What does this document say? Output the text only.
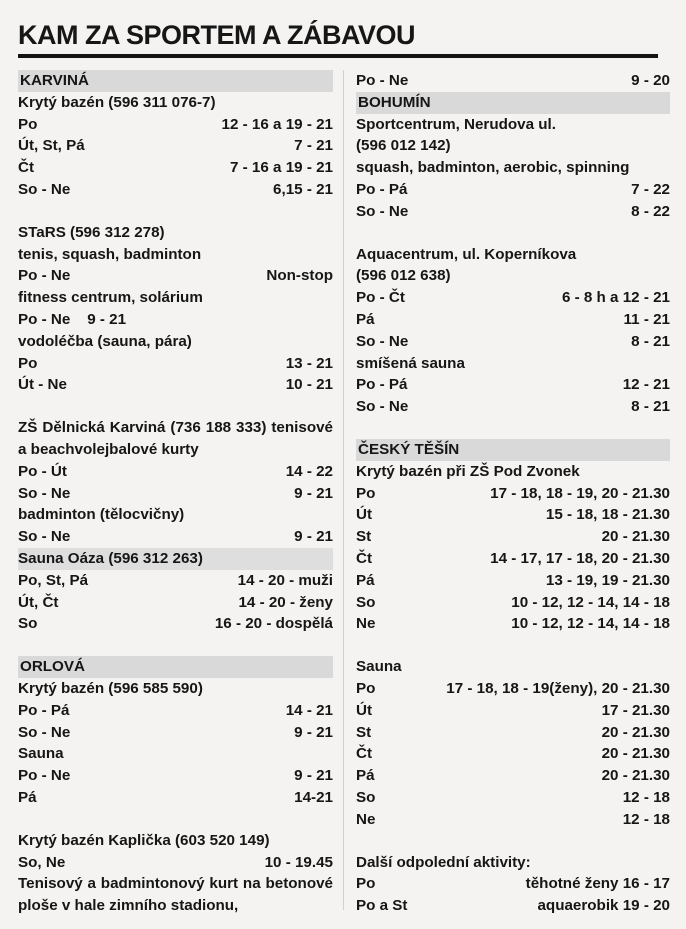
KAM ZA SPORTEM A ZÁBAVOU
KARVINÁ
Krytý bazén (596 311 076-7)
Po	12 - 16 a 19 - 21
Út, St, Pá	7 - 21
Čt	7 - 16 a 19 - 21
So - Ne	6,15 - 21
STaRS (596 312 278)
tenis, squash, badminton
Po - Ne	Non-stop
fitness centrum, solárium
Po - Ne    9 - 21
vodoléčba (sauna, pára)
Po	13 - 21
Út - Ne	10 - 21
ZŠ Dělnická Karviná (736 188 333) tenisové a beachvolejbalové kurty
Po - Út	14 - 22
So - Ne	9 - 21
badminton (tělocvičny)
So - Ne	9 - 21
Sauna Oáza (596 312 263)
Po, St, Pá	14 - 20 - muži
Út, Čt	14 - 20 - ženy
So	16 - 20 - dospělá
ORLOVÁ
Krytý bazén (596 585 590)
Po - Pá	14 - 21
So - Ne	9 - 21
Sauna
Po - Ne	9 - 21
Pá	14-21
Krytý bazén Kaplička (603 520 149)
So, Ne	10 - 19.45
Tenisový a badmintonový kurt na betonové ploše v hale zimního stadionu,
Po - Ne	9 - 20
BOHUMÍN
Sportcentrum, Nerudova ul.
(596 012 142)
squash, badminton, aerobic, spinning
Po - Pá	7 - 22
So - Ne	8 - 22
Aquacentrum, ul. Koperníkova
(596 012 638)
Po - Čt	6 - 8 h a 12 - 21
Pá	11 - 21
So - Ne	8 - 21
smíšená sauna
Po - Pá	12 - 21
So - Ne	8 - 21
ČESKÝ TĚŠÍN
Krytý bazén při ZŠ Pod Zvonek
Po	17 - 18, 18 - 19, 20 - 21.30
Út	15 - 18, 18 - 21.30
St	20 - 21.30
Čt	14 - 17, 17 - 18, 20 - 21.30
Pá	13 - 19, 19 - 21.30
So	10 - 12, 12 - 14, 14 - 18
Ne	10 - 12, 12 - 14, 14 - 18
Sauna
Po	17 - 18, 18 - 19(ženy), 20 - 21.30
Út	17 - 21.30
St	20 - 21.30
Čt	20 - 21.30
Pá	20 - 21.30
So	12 - 18
Ne	12 - 18
Další odpolední aktivity:
Po	těhotné ženy 16 - 17
Po a St	aquaerobik 19 - 20
